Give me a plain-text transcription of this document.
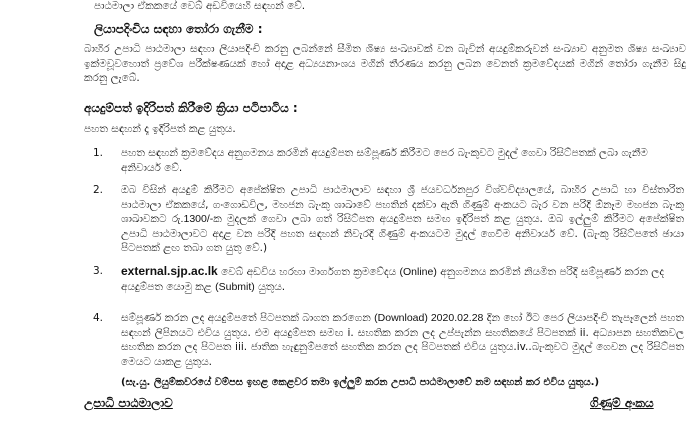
පාඨමාලා ඒකකයේ වෙබ් අඩවියෙහි සඳහන් වේ.
ලියාපදිංචිය සඳහා තෝරා ගැනීම :

බාහිර උපාධි පාඨමාලා සඳහා ලියාපදිංචි කරනු ලබන්නේ සීමිත ශිෂ්‍ය සංඛ්‍යාවක් වන බැවින් අයදුම්කරුවන් සංඛ්‍යාව අනුමත ශිෂ්‍ය සංඛ්‍යාව ඉක්මවූවහොත් ප්‍රවේශ පරීක්ෂණයක් හෝ අදාළ අධ්‍යයනාංශය මගින් තීරණය කරනු ලබන වෙනත් ක්‍රමවේදයක් මගින් තෝරා ගැනීම සිදු කරනු ලැබේ.

අයදුම්පත් ඉදිරිපත් කිරීමේ ක්‍රියා පටිපාටිය :

පහත සඳහන් දෑ ඉදිරිපත් කළ යුතුය.

1. පහත සඳහන් ක්‍රමවේදය අනුගමනය කරමින් අයදුම්පත සම්පූර්ණ කිරීමට පෙර බැංකුවට මුදල් ගෙවා රිසිට්පතක් ලබා ගැනීම අනිවාර්ය වේ.
2. ඔබ විසින් අයදුම් කිරීමට අපේක්ෂිත උපාධි පාඨමාලාව සඳහා ශ්‍රී ජයවර්ධනපුර විශ්වවිද්‍යාලයේ, බාහිර උපාධි හා විස්තාරිත පාඨමාලා ඒකකයේ, ගංගොඩවිල, මහජන බැංකු ශාඛාවේ පහතින් දක්වා ඇති ගිණුම් අංකයට බැර වන පරිදි ඕනෑම මහජන බැංකු ශාඛාවකට රු.1300/-ක මුදලක් ගෙවා ලබා ගත් රිසිට්පත අයදුම්පත සමඟ ඉදිරිපත් කළ යුතුය. ඔබ ඉල්ලුම් කිරීමට අපේක්ෂිත උපාධි පාඨමාලාවට අදාළ වන පරිදි පහත සඳහන් නිවැරදි ගිණුම් අංකයටම මුදල් ගෙවීම අනිවාර්ය වේ. (බැංකු රිසිට්පතේ ඡායා පිටපතක් ළඟ තබා ගත යුතු වේ.)
3. external.sjp.ac.lk වෙබ් අඩවිය හරහා මාර්ගගත ක්‍රමවේදය (Online) අනුගමනය කරමින් නියමිත පරිදි සම්පූර්ණ කරන ලද අයදුම්පත යොමු කළ (Submit) යුතුය.
4. සම්පූර්ණ කරන ලද අයදුම්පතේ පිටපතක් බාගත කරගෙන (Download) 2020.02.28 දින හෝ ඊට පෙර ලියාපදිංචි තැපෑලෙන් පහත සඳහන් ලිපිනයට එවිය යුතුය. එම අයදුම්පත සමඟ i. සහතික කරන ලද උප්පැන්න සහතිකයේ පිටපතක් ii. අධ්‍යාපන සහතිකවල සහතික කරන ලද පිටපත iii. ජාතික හැඳුනුම්පතේ සහතික කරන ලද පිටපතක් එවිය යුතුය.iv..බැංකුවට මුදල් ගෙවන ලද රිසිට්පත මෙයට යාකළ යුතුය.
(සැ.යු. ලියුම්කවරයේ වම්පස ඉහළ කෙළවර තමා ඉල්ලුම් කරන උපාධි පාඨමාලාවේ නම සඳහන් කර එවිය යුතුය.)
උපාධි පාඨමාලාව	ගිණුම් අංකය
